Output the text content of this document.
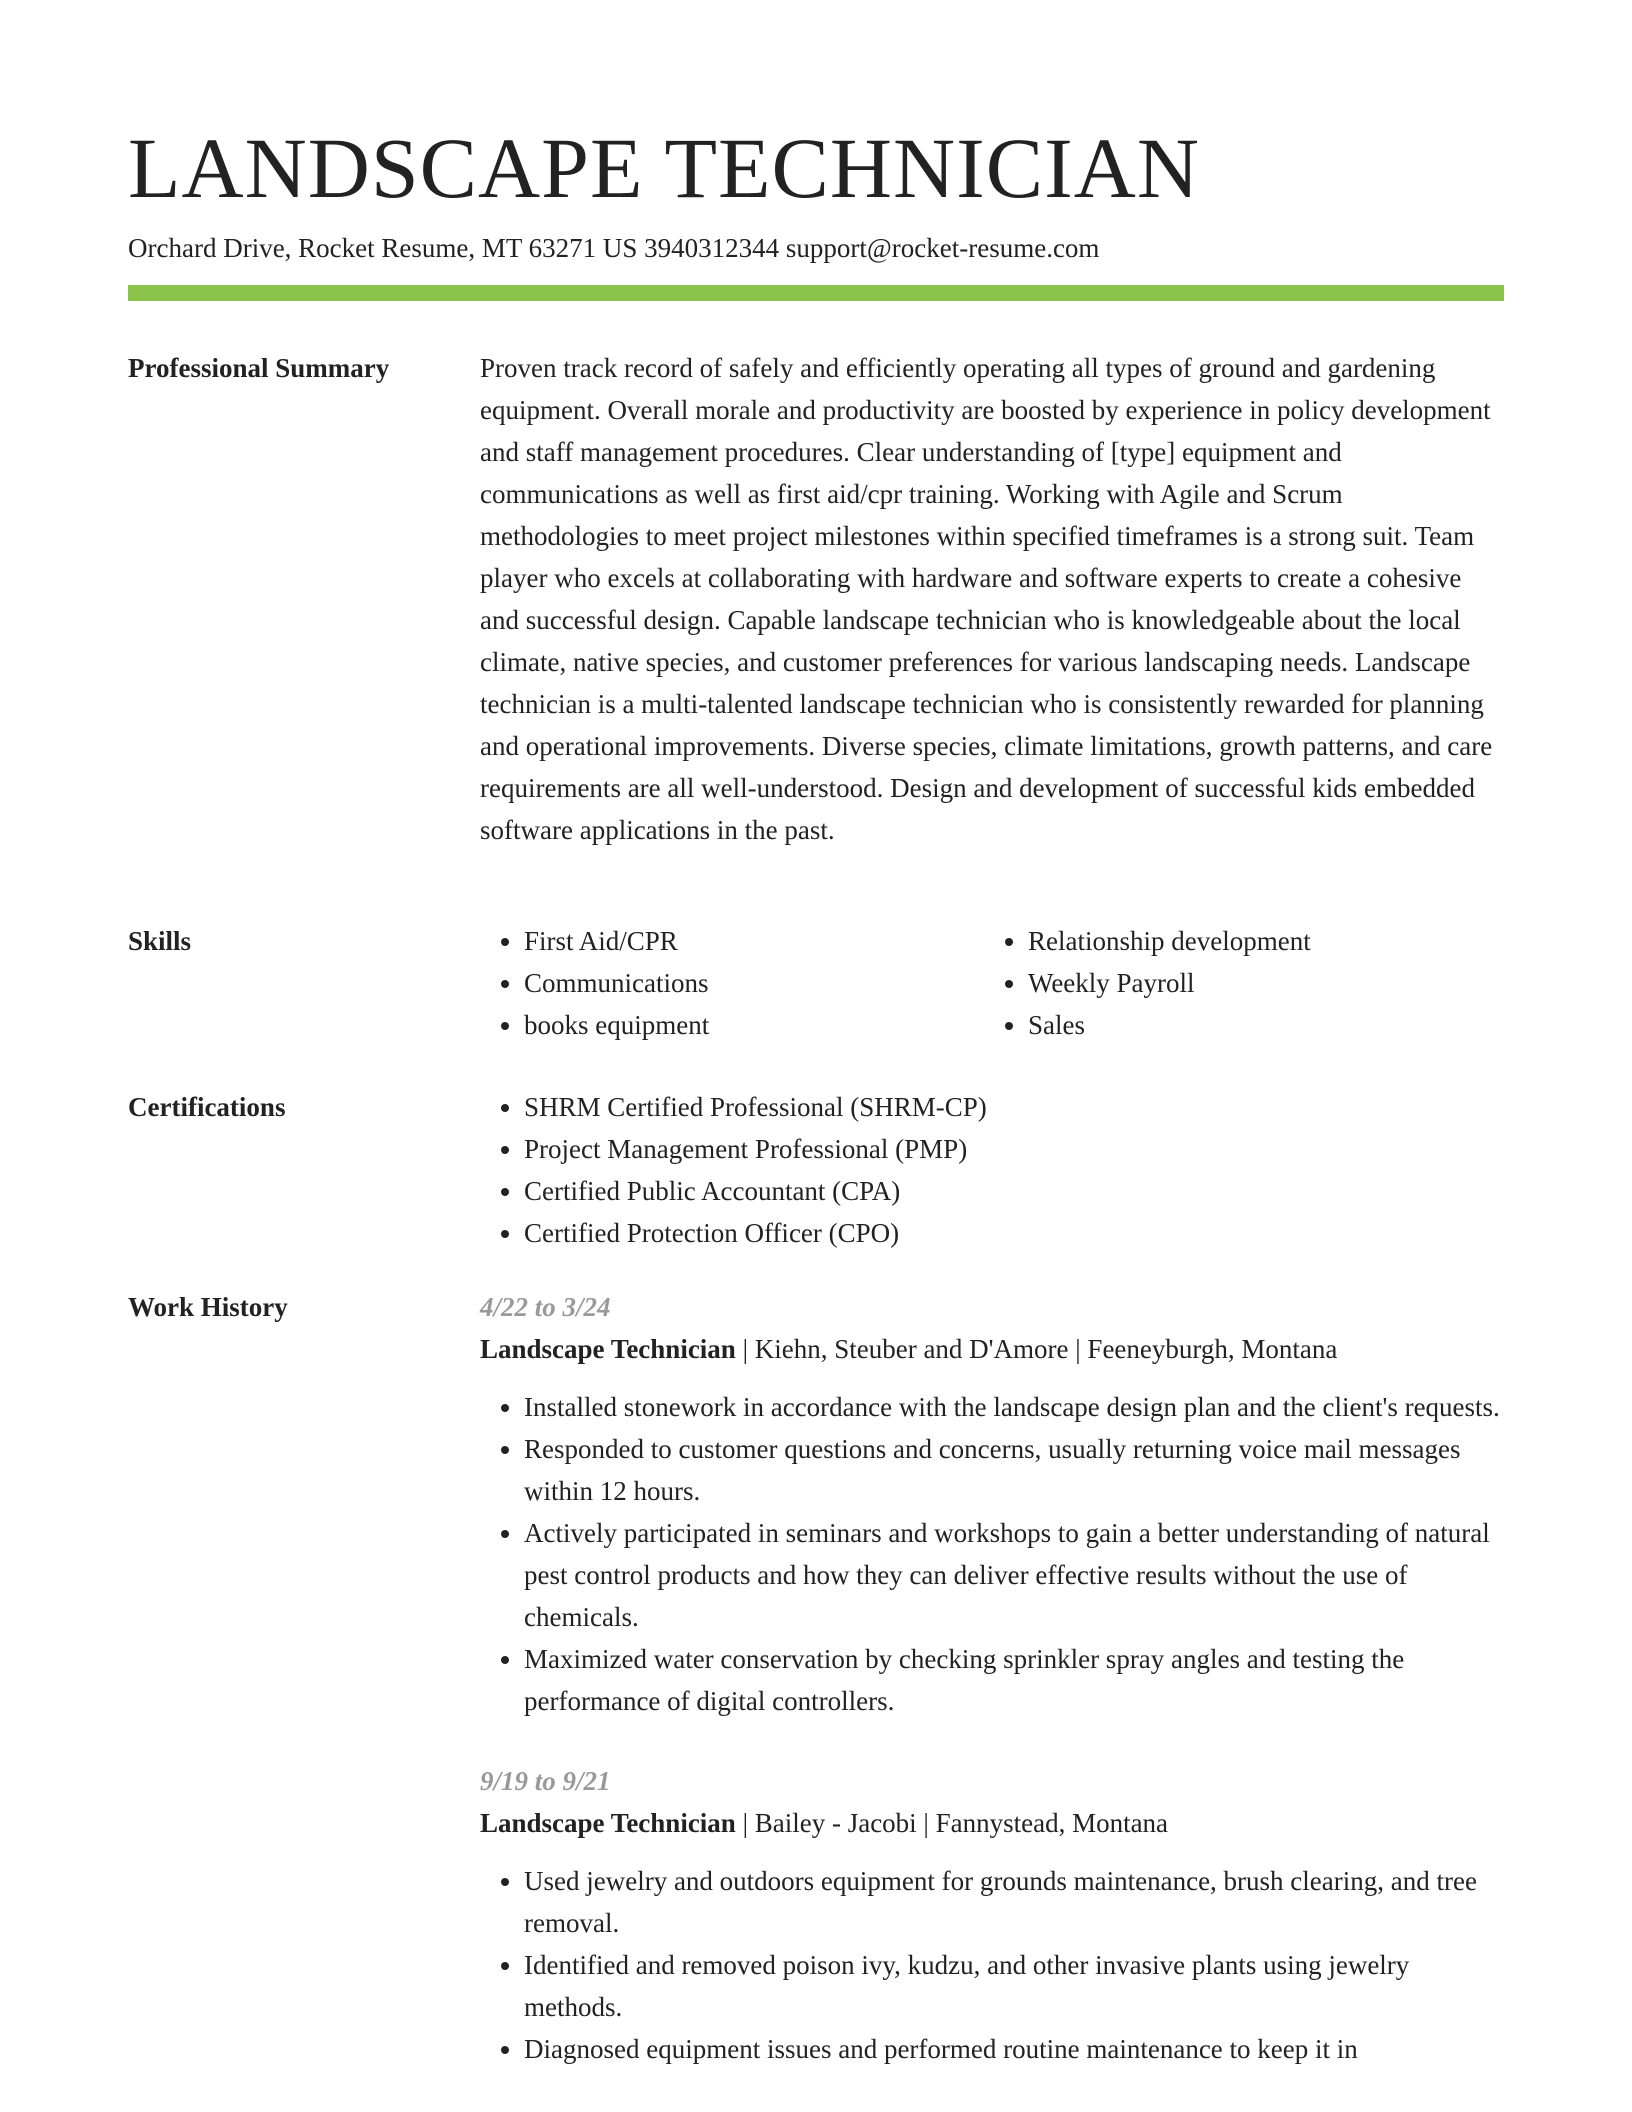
LANDSCAPE TECHNICIAN
Orchard Drive, Rocket Resume, MT 63271 US 3940312344 support@rocket-resume.com
Professional Summary	Proven track record of safely and efficiently operating all types of ground and gardening equipment. Overall morale and productivity are boosted by experience in policy development and staff management procedures. Clear understanding of [type] equipment and communications as well as first aid/cpr training. Working with Agile and Scrum methodologies to meet project milestones within specified timeframes is a strong suit. Team player who excels at collaborating with hardware and software experts to create a cohesive and successful design. Capable landscape technician who is knowledgeable about the local climate, native species, and customer preferences for various landscaping needs. Landscape technician is a multi-talented landscape technician who is consistently rewarded for planning and operational improvements. Diverse species, climate limitations, growth patterns, and care requirements are all well-understood. Design and development of successful kids embedded software applications in the past.

Skills	• First Aid/CPR
• Communications
• books equipment
• Relationship development
• Weekly Payroll
• Sales
Certifications	• SHRM Certified Professional (SHRM-CP)
• Project Management Professional (PMP)
• Certified Public Accountant (CPA)
• Certified Protection Officer (CPO)
Work History	4/22 to 3/24
Landscape Technician | Kiehn, Steuber and D'Amore | Feeneyburgh, Montana
• Installed stonework in accordance with the landscape design plan and the client's requests.
• Responded to customer questions and concerns, usually returning voice mail messages within 12 hours.
• Actively participated in seminars and workshops to gain a better understanding of natural pest control products and how they can deliver effective results without the use of chemicals.
• Maximized water conservation by checking sprinkler spray angles and testing the performance of digital controllers.
9/19 to 9/21
Landscape Technician | Bailey - Jacobi | Fannystead, Montana
• Used jewelry and outdoors equipment for grounds maintenance, brush clearing, and tree removal.
• Identified and removed poison ivy, kudzu, and other invasive plants using jewelry methods.
• Diagnosed equipment issues and performed routine maintenance to keep it in
